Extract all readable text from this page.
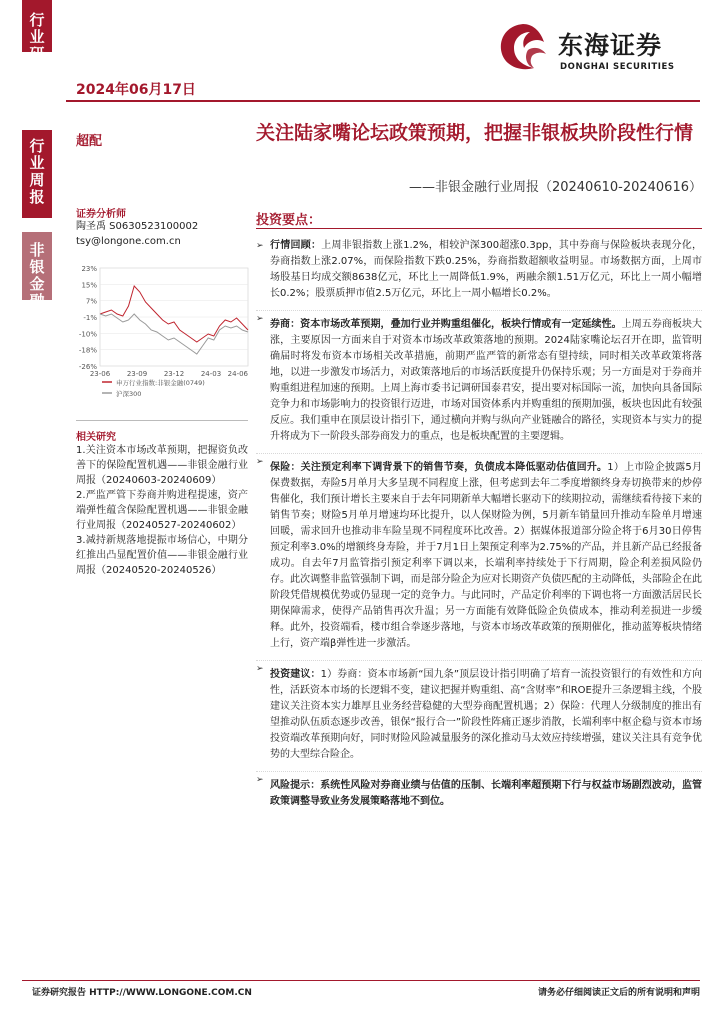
行
业
研
行
业
周
报
非
银
金
融
东海证券
DONGHAI SECURITIES
2024年06月17日
超配	关注陆家嘴论坛政策预期，把握非银板块阶段性行情
——非银金融行业周报（20240610-20240616）
证券分析师
陶圣禹 S0630523100002
tsy@longone.com.cn
23%
15%
7%
-1%
-10%
-18%
-26%
23-06 23-09 23-12 24-03 24-06
申万行业指数:非银金融(0749)
沪深300
相关研究
1.关注资本市场改革预期，把握资负改善下的保险配置机遇——非银金融行业周报（20240603-20240609）
2.严监严管下券商并购进程提速，资产端弹性蕴含保险配置机遇——非银金融行业周报（20240527-20240602）
3.减持新规落地提振市场信心，中期分红推出凸显配置价值——非银金融行业周报（20240520-20240526）
投资要点：
➢ 行情回顾：上周非银指数上涨1.2%，相较沪深300超涨0.3pp，其中券商与保险板块表现分化，券商指数上涨2.07%，而保险指数下跌0.25%，券商指数超额收益明显。市场数据方面，上周市场股基日均成交额8638亿元，环比上一周降低1.9%，两融余额1.51万亿元，环比上一周小幅增长0.2%；股票质押市值2.5万亿元，环比上一周小幅增长0.2%。
➢ 券商：资本市场改革预期，叠加行业并购重组催化，板块行情或有一定延续性。上周五券商板块大涨，主要原因一方面来自于对资本市场改革政策落地的预期。2024陆家嘴论坛召开在即，监管明确届时将发布资本市场相关改革措施，前期严监严管的新常态有望持续，同时相关改革政策将落地，以进一步激发市场活力，对政策落地后的市场活跃度提升仍保持乐观；另一方面是对于券商并购重组进程加速的预期。上周上海市委书记调研国泰君安，提出要对标国际一流，加快向具备国际竞争力和市场影响力的投资银行迈进，市场对国资体系内并购重组的预期加强，板块也因此有较强反应。我们重申在顶层设计指引下，通过横向并购与纵向产业链融合的路径，实现资本与实力的提升将成为下一阶段头部券商发力的重点，也是板块配置的主要逻辑。
➢ 保险：关注预定利率下调背景下的销售节奏，负债成本降低驱动估值回升。1）上市险企披露5月保费数据，寿险5月单月大多呈现不同程度上涨，但考虑到去年二季度增额终身寿切换带来的炒停售催化，我们预计增长主要来自于去年同期新单大幅增长驱动下的续期拉动，需继续看待接下来的销售节奏；财险5月单月增速均环比提升，以人保财险为例，5月新车销量回升推动车险单月增速回暖，需求回升也推动非车险呈现不同程度环比改善。2）据媒体报道部分险企将于6月30日停售预定利率3.0%的增额终身寿险，并于7月1日上架预定利率为2.75%的产品，并且新产品已经报备成功。自去年7月监管指引预定利率下调以来，长端利率持续处于下行周期，险企利差损风险仍存。此次调整非监管强制下调，而是部分险企为应对长期资产负债匹配的主动降低，头部险企在此阶段凭借规模优势或仍显现一定的竞争力。与此同时，产品定价利率的下调也将一方面激活居民长期保障需求，使得产品销售再次升温；另一方面能有效降低险企负债成本，推动利差损进一步缓释。此外，投资端看，楼市组合拳逐步落地，与资本市场改革政策的预期催化，推动蓝筹板块情绪上行，资产端β弹性进一步激活。
➢ 投资建议：1）券商：资本市场新“国九条”顶层设计指引明确了培育一流投资银行的有效性和方向性，活跃资本市场的长逻辑不变，建议把握并购重组、高“含财率”和ROE提升三条逻辑主线，个股建议关注资本实力雄厚且业务经营稳健的大型券商配置机遇；2）保险：代理人分级制度的推出有望推动队伍质态逐步改善，银保“报行合一”阶段性阵痛正逐步消散，长端利率中枢企稳与资本市场投资端改革预期向好，同时财险风险减量服务的深化推动马太效应持续增强，建议关注具有竞争优势的大型综合险企。
➢ 风险提示：系统性风险对券商业绩与估值的压制、长端利率超预期下行与权益市场剧烈波动，监管政策调整导致业务发展策略落地不到位。
证券研究报告 HTTP://WWW.LONGONE.COM.CN	请务必仔细阅读正文后的所有说明和声明
